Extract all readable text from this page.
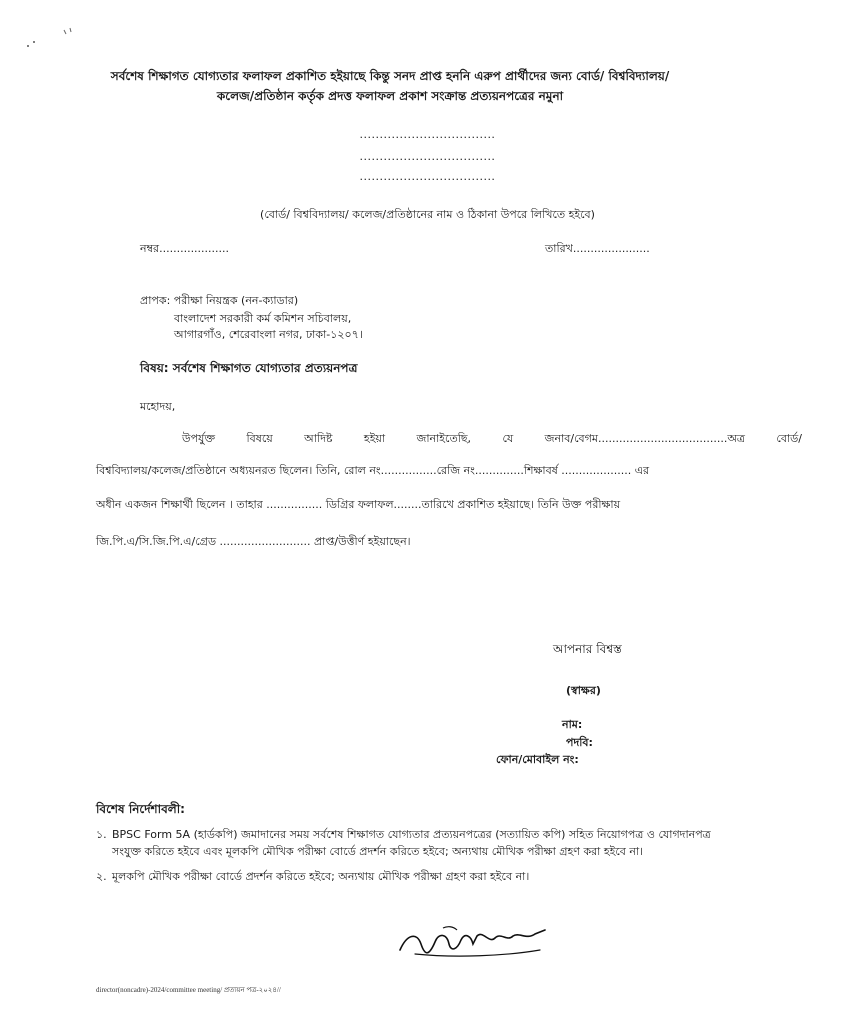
সর্বশেষ শিক্ষাগত যোগ্যতার ফলাফল প্রকাশিত হইয়াছে কিন্তু সনদ প্রাপ্ত হননি এরুপ প্রার্থীদের জন্য বোর্ড/ বিশ্ববিদ্যালয়/
কলেজ/প্রতিষ্ঠান কর্তৃক প্রদত্ত ফলাফল প্রকাশ সংক্রান্ত প্রত্যয়নপত্রের নমুনা
..................................
..................................
..................................
(বোর্ড/ বিশ্ববিদ্যালয়/ কলেজ/প্রতিষ্ঠানের নাম ও ঠিকানা উপরে লিখিতে হইবে)
নম্বর....................	তারিখ......................
প্রাপক: পরীক্ষা নিয়ন্ত্রক (নন-ক্যাডার)
বাংলাদেশ সরকারী কর্ম কমিশন সচিবালয়,
আগারগাঁও, শেরেবাংলা নগর, ঢাকা-১২০৭।
বিষয়: সর্বশেষ শিক্ষাগত যোগ্যতার প্রত্যয়নপত্র
মহোদয়,
উপর্যুক্ত	বিষয়ে	আদিষ্ট	হইয়া	জানাইতেছি,	যে	জনাব/বেগম.....................................অত্র	বোর্ড/
বিশ্ববিদ্যালয়/কলেজ/প্রতিষ্ঠানে অধ্যয়নরত ছিলেন। তিনি, রোল নং................রেজি নং..............শিক্ষাবর্ষ .................... এর
অধীন একজন শিক্ষার্থী ছিলেন । তাহার ................ ডিগ্রির ফলাফল........তারিখে প্রকাশিত হইয়াছে। তিনি উক্ত পরীক্ষায়
জি.পি.এ/সি.জি.পি.এ/গ্রেড .......................... প্রাপ্ত/উত্তীর্ণ হইয়াছেন।
আপনার বিশ্বস্ত
(স্বাক্ষর)
নাম:
পদবি:
ফোন/মোবাইল নং:
বিশেষ নির্দেশাবলী:
১. BPSC Form 5A (হার্ডকপি) জমাদানের সময় সর্বশেষ শিক্ষাগত যোগ্যতার প্রত্যয়নপত্রের (সত্যায়িত কপি) সহিত নিয়োগপত্র ও যোগদানপত্র সংযুক্ত করিতে হইবে এবং মূলকপি মৌখিক পরীক্ষা বোর্ডে প্রদর্শন করিতে হইবে; অন্যথায় মৌখিক পরীক্ষা গ্রহণ করা হইবে না।
২. মূলকপি মৌখিক পরীক্ষা বোর্ডে প্রদর্শন করিতে হইবে; অন্যথায় মৌখিক পরীক্ষা গ্রহণ করা হইবে না।
director(noncadre)-2024/committee meeting/ প্রত্যয়ন পত্র-২০২৪//
